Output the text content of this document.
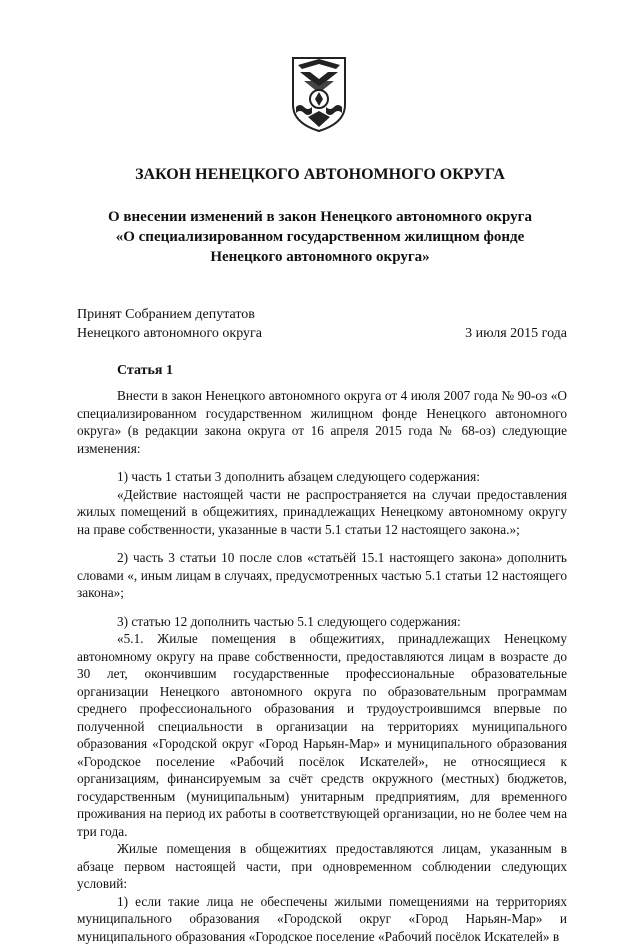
ЗАКОН НЕНЕЦКОГО АВТОНОМНОГО ОКРУГА
О внесении изменений в закон Ненецкого автономного округа
«О специализированном государственном жилищном фонде
Ненецкого автономного округа»
Принят Собранием депутатов
Ненецкого автономного округа	3 июля 2015 года
Статья 1

Внести в закон Ненецкого автономного округа от 4 июля 2007 года № 90-оз «О специализированном государственном жилищном фонде Ненецкого автономного округа» (в редакции закона округа от 16 апреля 2015 года № 68-оз) следующие изменения:

1) часть 1 статьи 3 дополнить абзацем следующего содержания:

«Действие настоящей части не распространяется на случаи предоставления жилых помещений в общежитиях, принадлежащих Ненецкому автономному округу на праве собственности, указанные в части 5.1 статьи 12 настоящего закона.»;

2) часть 3 статьи 10 после слов «статьёй 15.1 настоящего закона» дополнить словами «, иным лицам в случаях, предусмотренных частью 5.1 статьи 12 настоящего закона»;

3) статью 12 дополнить частью 5.1 следующего содержания:

«5.1. Жилые помещения в общежитиях, принадлежащих Ненецкому автономному округу на праве собственности, предоставляются лицам в возрасте до 30 лет, окончившим государственные профессиональные образовательные организации Ненецкого автономного округа по образовательным программам среднего профессионального образования и трудоустроившимся впервые по полученной специальности в организации на территориях муниципального образования «Городской округ «Город Нарьян-Мар» и муниципального образования «Городское поселение «Рабочий посёлок Искателей», не относящиеся к организациям, финансируемым за счёт средств окружного (местных) бюджетов, государственным (муниципальным) унитарным предприятиям, для временного проживания на период их работы в соответствующей организации, но не более чем на три года.

Жилые помещения в общежитиях предоставляются лицам, указанным в абзаце первом настоящей части, при одновременном соблюдении следующих условий:

1) если такие лица не обеспечены жилыми помещениями на территориях муниципального образования «Городской округ «Город Нарьян-Мар» и муниципального образования «Городское поселение «Рабочий посёлок Искателей» в
